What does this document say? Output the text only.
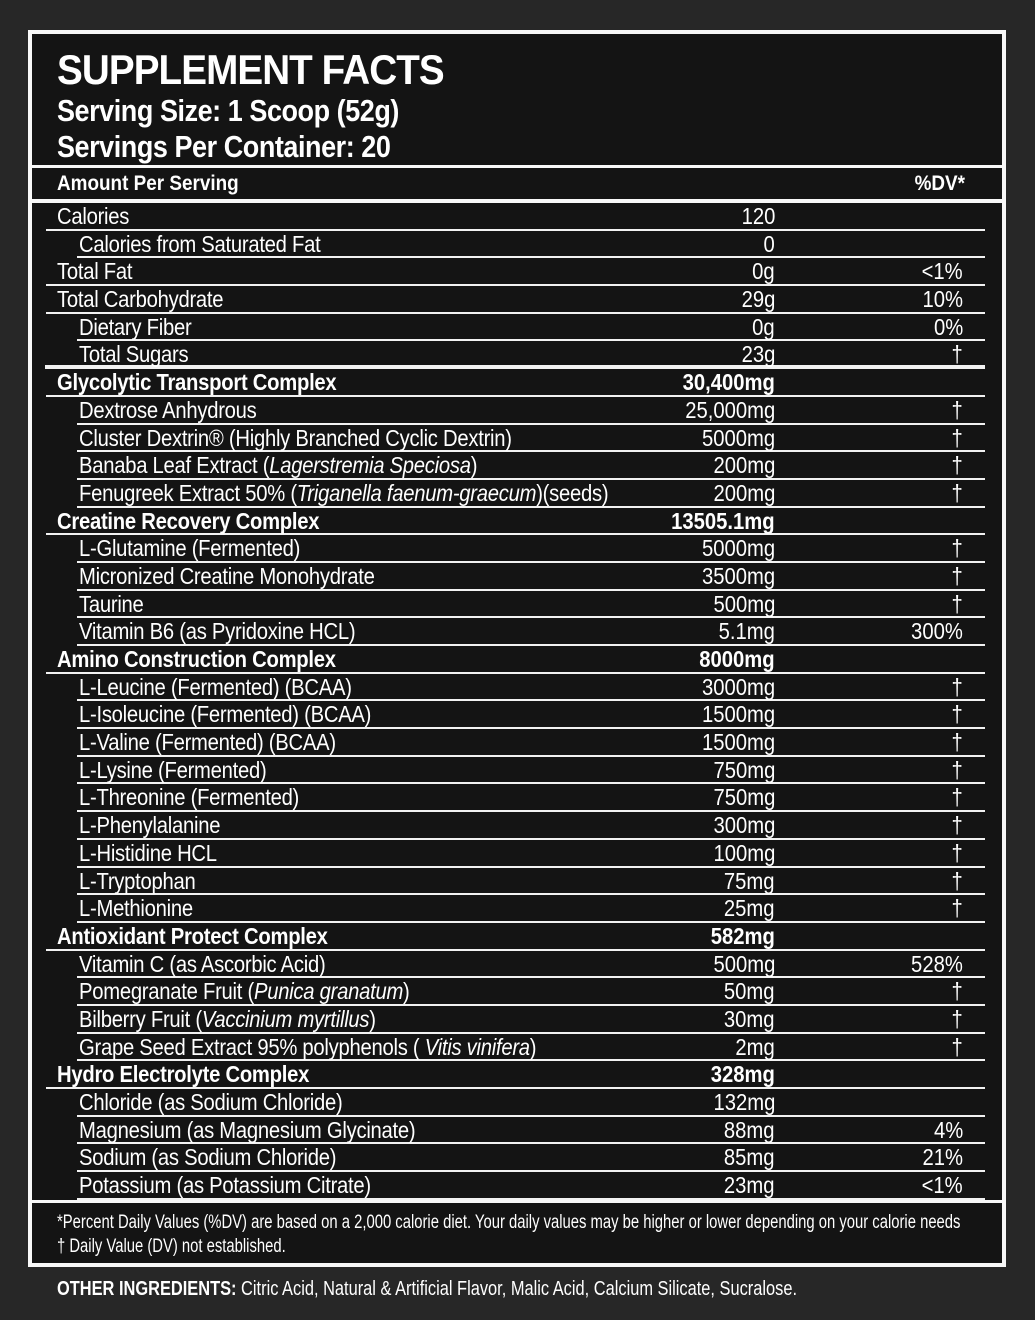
SUPPLEMENT FACTS
Serving Size: 1 Scoop (52g)
Servings Per Container: 20
Amount Per Serving	%DV*
Calories	120
Calories from Saturated Fat	0
Total Fat	0g	<1%
Total Carbohydrate	29g	10%
Dietary Fiber	0g	0%
Total Sugars	23g	†
Glycolytic Transport Complex	30,400mg
Dextrose Anhydrous	25,000mg	†
Cluster Dextrin® (Highly Branched Cyclic Dextrin)	5000mg	†
Banaba Leaf Extract (Lagerstremia Speciosa)	200mg	†
Fenugreek Extract 50% (Triganella faenum-graecum)(seeds)	200mg	†
Creatine Recovery Complex	13505.1mg
L-Glutamine (Fermented)	5000mg	†
Micronized Creatine Monohydrate	3500mg	†
Taurine	500mg	†
Vitamin B6 (as Pyridoxine HCL)	5.1mg	300%
Amino Construction Complex	8000mg
L-Leucine (Fermented) (BCAA)	3000mg	†
L-Isoleucine (Fermented) (BCAA)	1500mg	†
L-Valine (Fermented) (BCAA)	1500mg	†
L-Lysine (Fermented)	750mg	†
L-Threonine (Fermented)	750mg	†
L-Phenylalanine	300mg	†
L-Histidine HCL	100mg	†
L-Tryptophan	75mg	†
L-Methionine	25mg	†
Antioxidant Protect Complex	582mg
Vitamin C (as Ascorbic Acid)	500mg	528%
Pomegranate Fruit (Punica granatum)	50mg	†
Bilberry Fruit (Vaccinium myrtillus)	30mg	†
Grape Seed Extract 95% polyphenols ( Vitis vinifera)	2mg	†
Hydro Electrolyte Complex	328mg
Chloride (as Sodium Chloride)	132mg
Magnesium (as Magnesium Glycinate)	88mg	4%
Sodium (as Sodium Chloride)	85mg	21%
Potassium (as Potassium Citrate)	23mg	<1%
*Percent Daily Values (%DV) are based on a 2,000 calorie diet. Your daily values may be higher or lower depending on your calorie needs
† Daily Value (DV) not established.
OTHER INGREDIENTS: Citric Acid, Natural & Artificial Flavor, Malic Acid, Calcium Silicate, Sucralose.
